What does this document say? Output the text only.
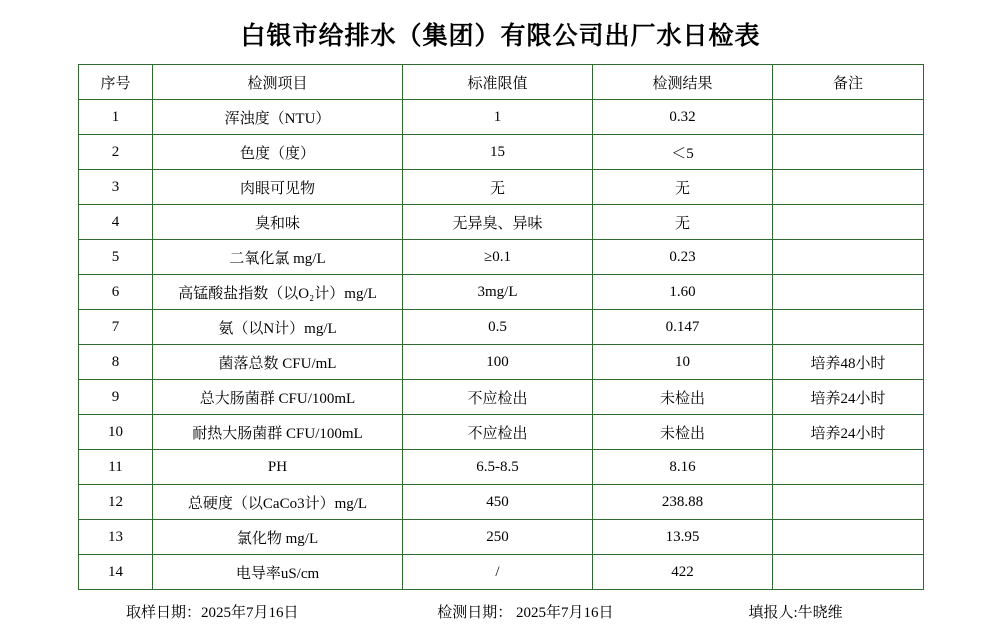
白银市给排水（集团）有限公司出厂水日检表
序号	检测项目	标准限值	检测结果	备注
1	浑浊度（NTU）	1	0.32	
2	色度（度）	15	＜5	
3	肉眼可见物	无	无	
4	臭和味	无异臭、异味	无	
5	二氧化氯 mg/L	≥0.1	0.23	
6	高锰酸盐指数（以O₂计）mg/L	3mg/L	1.60	
7	氨（以N计）mg/L	0.5	0.147	
8	菌落总数 CFU/mL	100	10	培养48小时
9	总大肠菌群 CFU/100mL	不应检出	未检出	培养24小时
10	耐热大肠菌群 CFU/100mL	不应检出	未检出	培养24小时
11	PH	6.5-8.5	8.16	
12	总硬度（以CaCo3计）mg/L	450	238.88	
13	氯化物 mg/L	250	13.95	
14	电导率uS/cm	/	422	
取样日期：2025年7月16日	检测日期： 2025年7月16日	填报人:牛晓维
